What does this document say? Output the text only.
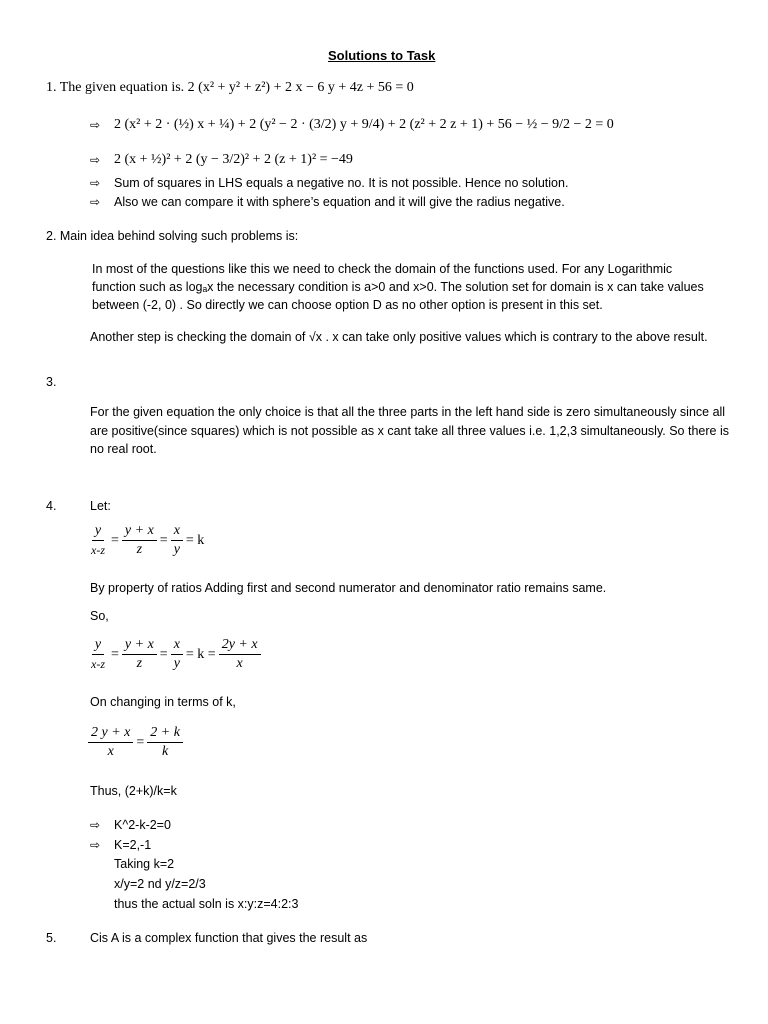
Solutions to Task
1. The given equation is. 2 (x² + y² + z²) + 2 x − 6 y + 4z + 56 = 0
⇨ 2 (x² + 2 · (½) x + ¼) + 2 (y² − 2 · (3/2) y + 9/4) + 2 (z² + 2 z + 1) + 56 − ½ − 9/2 − 2 = 0
⇨ 2 (x + ½)² + 2 (y − 3/2)² + 2 (z + 1)² = −49
⇨ Sum of squares in LHS equals a negative no. It is not possible. Hence no solution.
⇨ Also we can compare it with sphere’s equation and it will give the radius negative.
2. Main idea behind solving such problems is:
In most of the questions like this we need to check the domain of the functions used. For any Logarithmic function such as logₐx the necessary condition is a>0 and x>0. The solution set for domain is x can take values between (-2, 0) . So directly we can choose option D as no other option is present in this set.
Another step is checking the domain of √x . x can take only positive values which is contrary to the above result.
3.
For the given equation the only choice is that all the three parts in the left hand side is zero simultaneously since all are positive(since squares) which is not possible as x cant take all three values i.e. 1,2,3 simultaneously. So there is no real root.
4.	Let:
$\frac{y}{x-z} = \frac{y + x}{z} = \frac{x}{y} = k$
By property of ratios Adding first and second numerator and denominator ratio remains same.
So,
$\frac{y}{x-z} = \frac{y + x}{z} = \frac{x}{y} = k = \frac{2y + x}{x}$
On changing in terms of k,
$\frac{2 y + x}{x} = \frac{2 + k}{k}$
Thus, (2+k)/k=k
⇨ K^2-k-2=0
⇨ K=2,-1
Taking k=2
x/y=2 nd y/z=2/3
thus the actual soln is x:y:z=4:2:3
5.	Cis A is a complex function that gives the result as
